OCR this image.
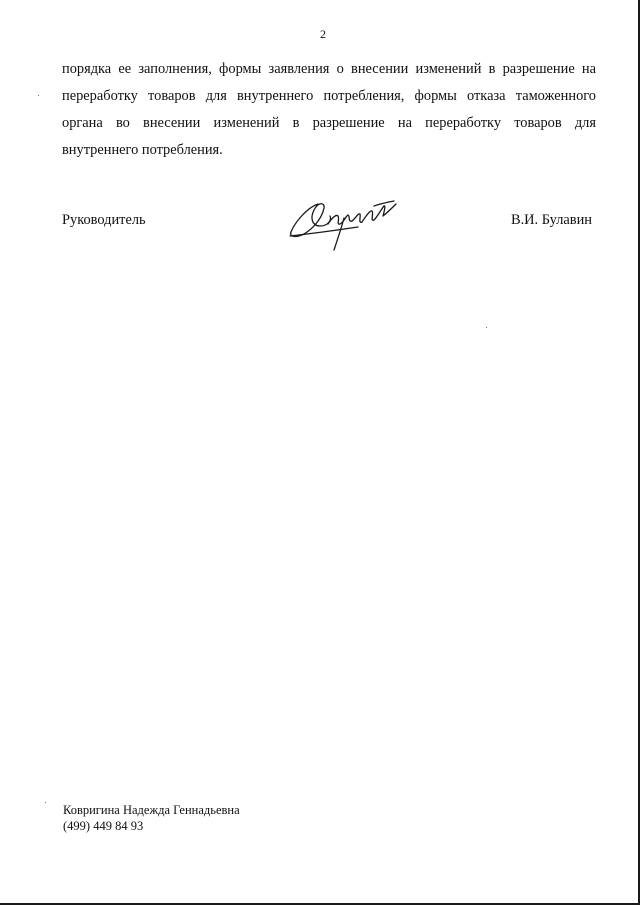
2

порядка ее заполнения, формы заявления о внесении изменений в разрешение на
переработку товаров для внутреннего потребления, формы отказа таможенного
органа во внесении изменений в разрешение на переработку товаров для
внутреннего потребления.

Руководитель	В.И. Булавин
Ковригина Надежда Геннадьевна
(499) 449 84 93
